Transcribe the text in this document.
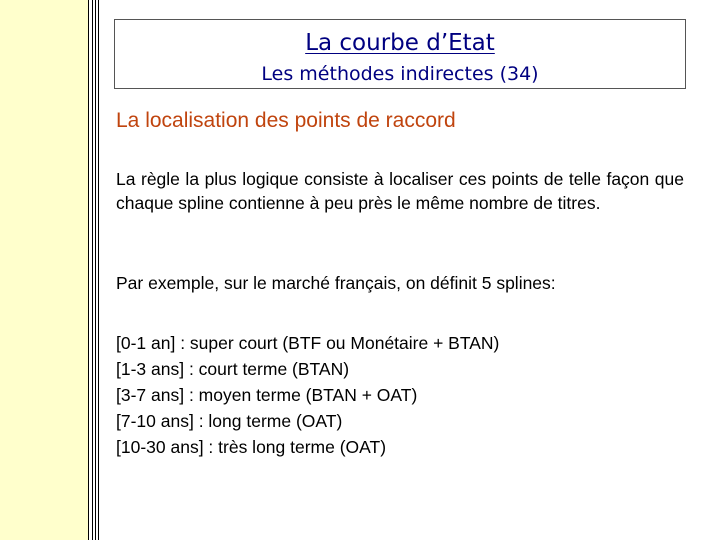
La courbe d’Etat
Les méthodes indirectes (34)
La localisation des points de raccord
La règle la plus logique consiste à localiser ces points de telle façon que chaque spline contienne à peu près le même nombre de titres.
Par exemple, sur le marché français, on définit 5 splines:
[0-1 an] : super court (BTF ou Monétaire + BTAN)
[1-3 ans] : court terme (BTAN)
[3-7 ans] : moyen terme (BTAN + OAT)
[7-10 ans] : long terme (OAT)
[10-30 ans] : très long terme (OAT)
